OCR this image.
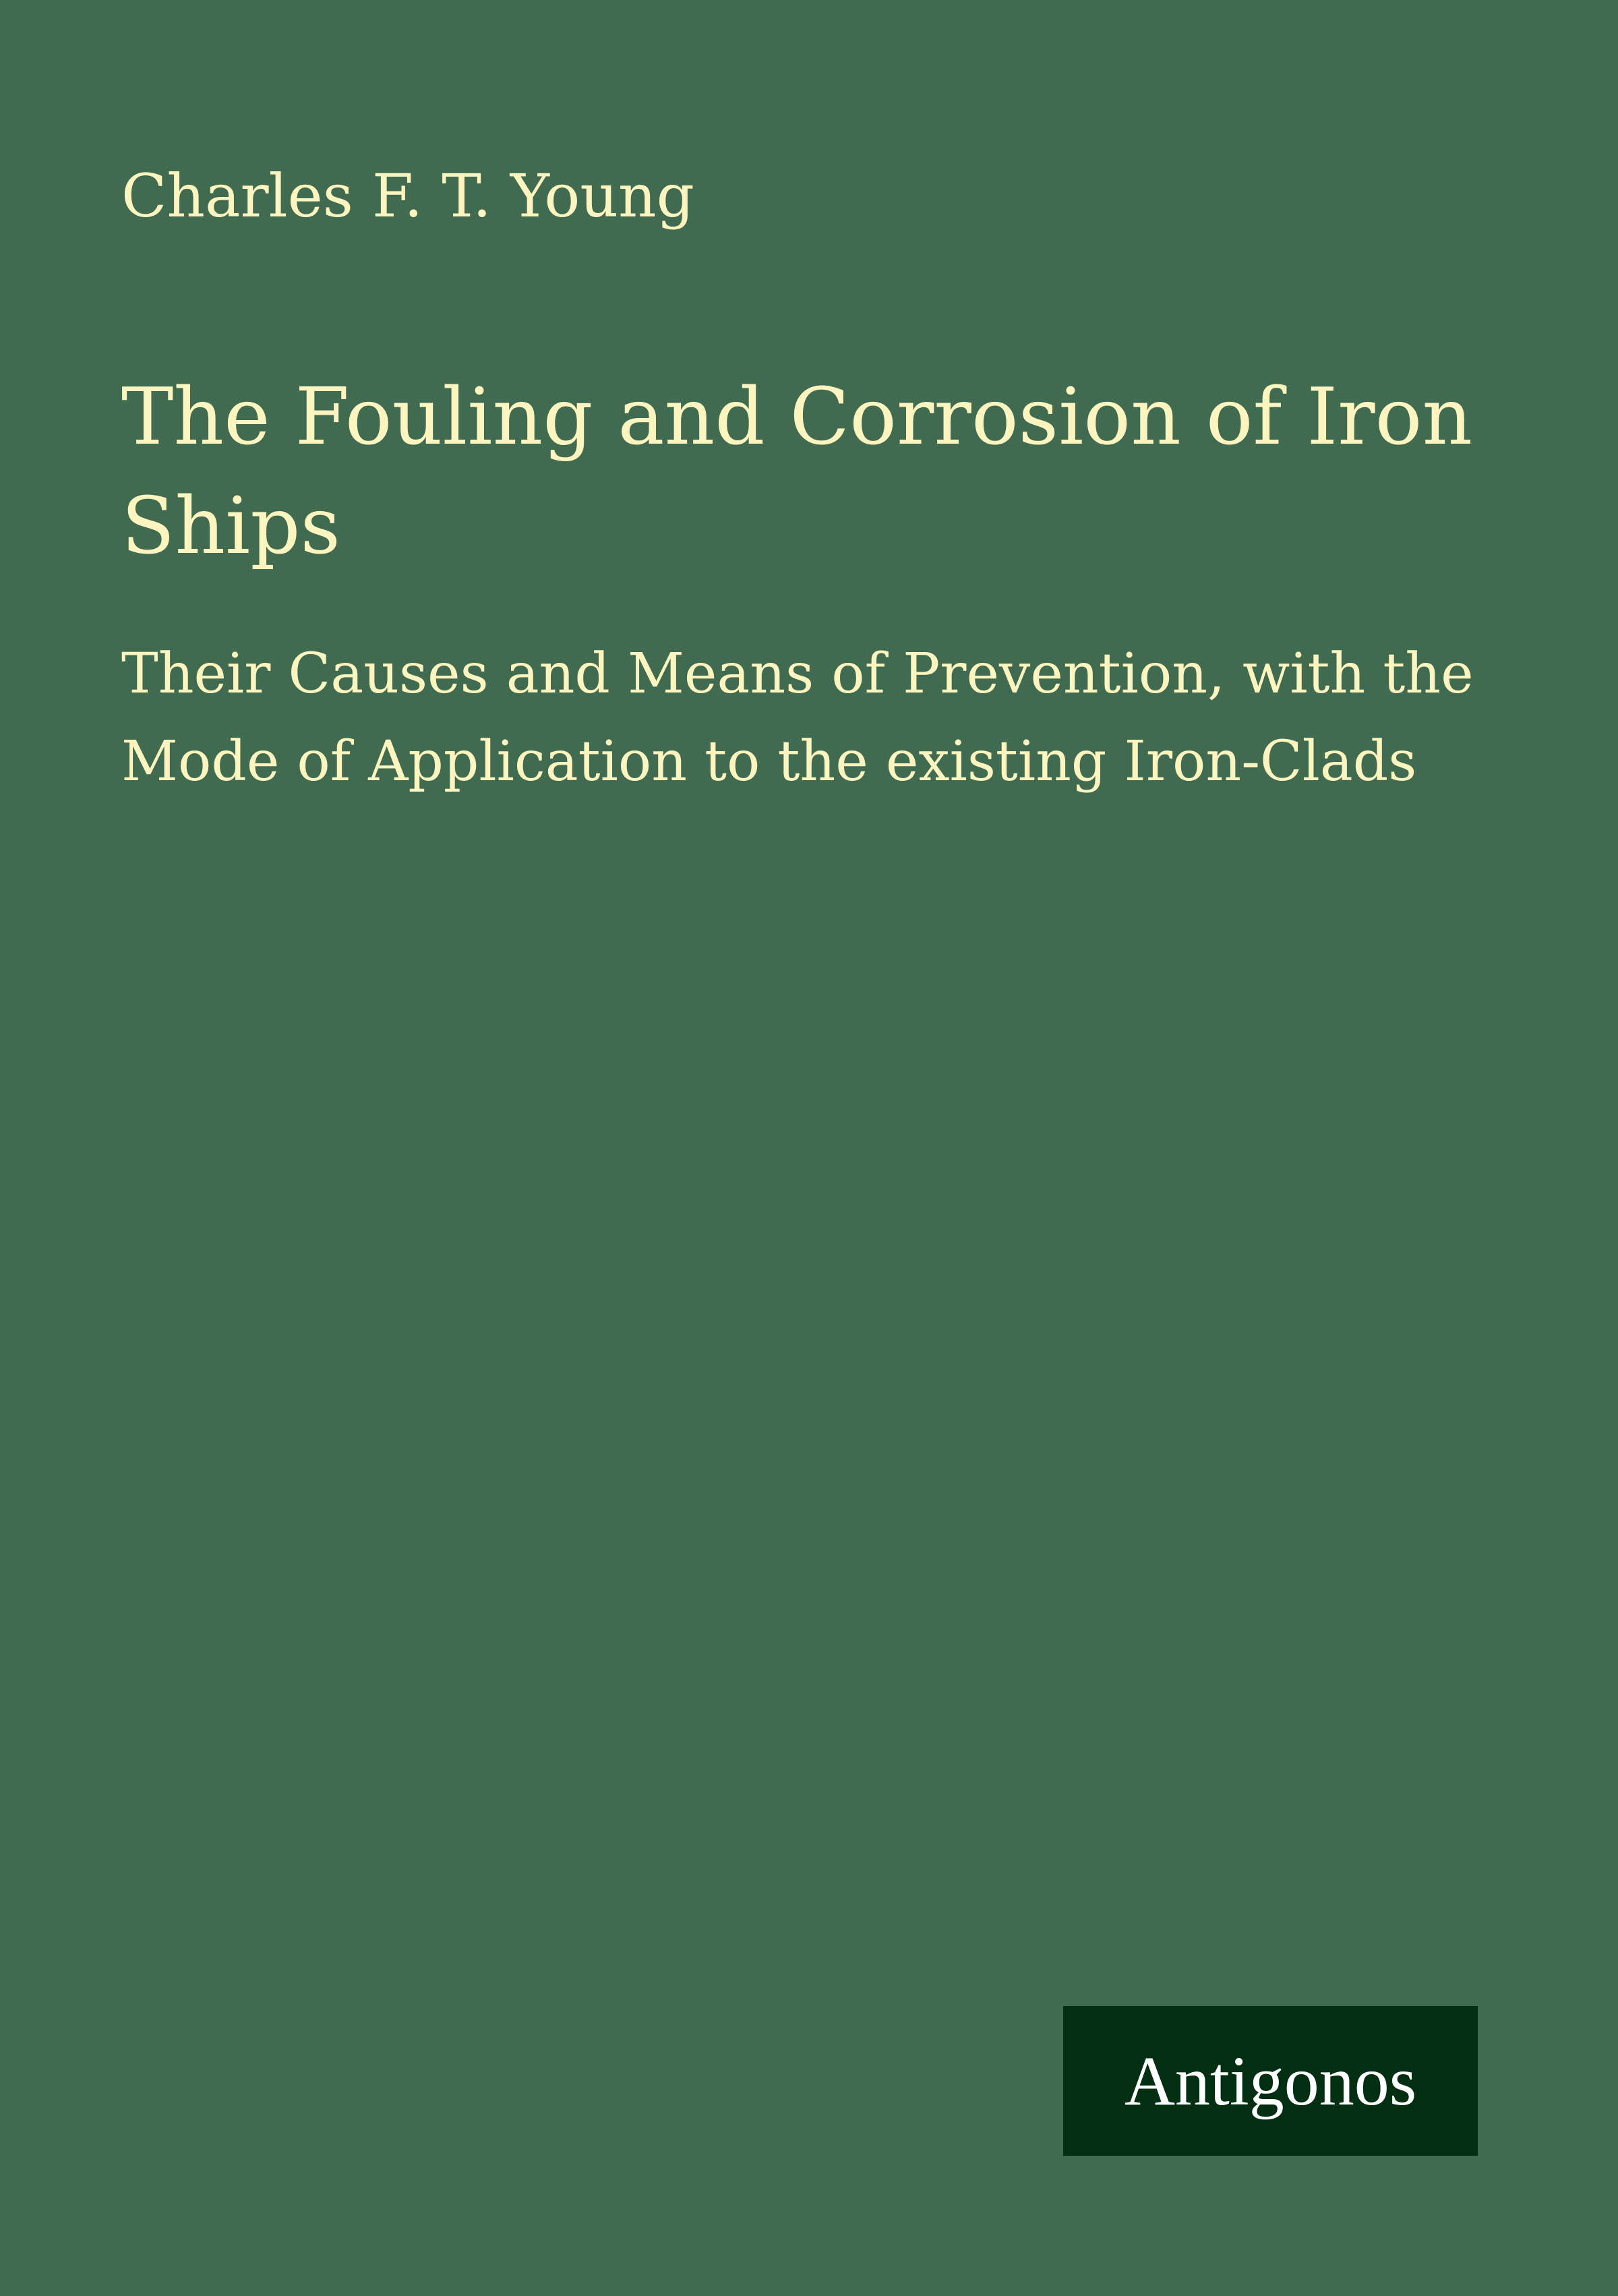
Charles F. T. Young
The Fouling and Corrosion of Iron Ships
Their Causes and Means of Prevention, with the Mode of Application to the existing Iron-Clads
Antigonos
